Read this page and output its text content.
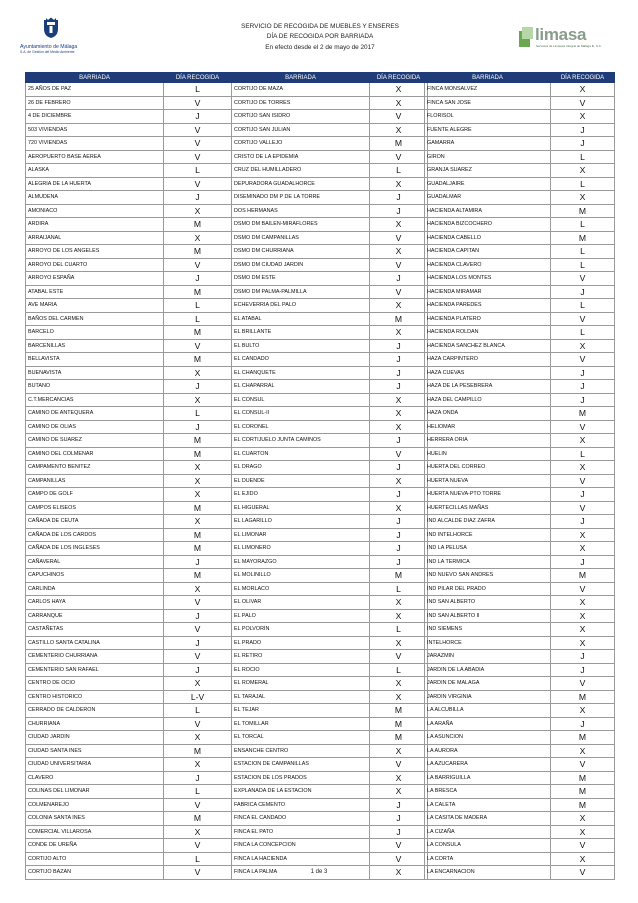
Ayuntamiento de Málaga
S.A. de Gestión del Medio Ambiente
SERVICIO DE RECOGIDA DE MUEBLES Y ENSERES
DÍA DE RECOGIDA POR BARRIADA
En efecto desde el 2 de mayo de 2017
limasa
Servicios de Limpieza Integral de Málaga III, S.A.
BARRIADA	DÍA RECOGIDA
25 AÑOS DE PAZ	L
26 DE FEBRERO	V
4 DE DICIEMBRE	J
503 VIVIENDAS	V
720 VIVIENDAS	V
AEROPUERTO BASE AEREA	V
ALASKA	L
ALEGRIA DE LA HUERTA	V
ALMUDENA	J
AMONIACO	X
ARDIRA	M
ARRAIJANAL	X
ARROYO DE LOS ANGELES	M
ARROYO DEL CUARTO	V
ARROYO ESPAÑA	J
ATABAL ESTE	M
AVE MARIA	L
BAÑOS DEL CARMEN	L
BARCELO	M
BARCENILLAS	V
BELLAVISTA	M
BUENAVISTA	X
BUTANO	J
C.T.MERCANCIAS	X
CAMINO DE ANTEQUERA	L
CAMINO DE OLIAS	J
CAMINO DE SUAREZ	M
CAMINO DEL COLMENAR	M
CAMPAMENTO BENITEZ	X
CAMPANILLAS	X
CAMPO DE GOLF	X
CAMPOS ELISEOS	M
CAÑADA DE CEUTA	X
CAÑADA DE LOS CARDOS	M
CAÑADA DE LOS INGLESES	M
CAÑAVERAL	J
CAPUCHINOS	M
CARLINDA	X
CARLOS HAYA	V
CARRANQUE	J
CASTAÑETAS	V
CASTILLO SANTA CATALINA	J
CEMENTERIO CHURRIANA	V
CEMENTERIO SAN RAFAEL	J
CENTRO DE OCIO	X
CENTRO HISTORICO	L-V
CERRADO DE CALDERON	L
CHURRIANA	V
CIUDAD JARDIN	X
CIUDAD SANTA INES	M
CIUDAD UNIVERSITARIA	X
CLAVERO	J
COLINAS DEL LIMONAR	L
COLMENAREJO	V
COLONIA SANTA INES	M
COMERCIAL VILLAROSA	X
CONDE DE UREÑA	V
CORTIJO ALTO	L
CORTIJO BAZAN	V
BARRIADA	DÍA RECOGIDA
CORTIJO DE MAZA	X
CORTIJO DE TORRES	X
CORTIJO SAN ISIDRO	V
CORTIJO SAN JULIAN	X
CORTIJO VALLEJO	M
CRISTO DE LA EPIDEMIA	V
CRUZ DEL HUMILLADERO	L
DEPURADORA GUADALHORCE	X
DISEMINADO DM P DE LA TORRE	J
DOS HERMANAS	J
DSMO DM BAILEN-MIRAFLORES	X
DSMO DM CAMPANILLAS	V
DSMO DM CHURRIANA	X
DSMO DM CIUDAD JARDIN	V
DSMO DM ESTE	J
DSMO DM PALMA-PALMILLA	V
ECHEVERRIA DEL PALO	X
EL ATABAL	M
EL BRILLANTE	X
EL BULTO	J
EL CANDADO	J
EL CHANQUETE	J
EL CHAPARRAL	J
EL CONSUL	X
EL CONSUL-II	X
EL CORONEL	X
EL CORTIJUELO JUNTA CAMINOS	J
EL CUARTON	V
EL DRAGO	J
EL DUENDE	X
EL EJIDO	J
EL HIGUERAL	X
EL LAGARILLO	J
EL LIMONAR	J
EL LIMONERO	J
EL MAYORAZGO	J
EL MOLINILLO	M
EL MORLACO	L
EL OLIVAR	X
EL PALO	X
EL POLVORIN	L
EL PRADO	X
EL RETIRO	V
EL ROCIO	L
EL ROMERAL	X
EL TARAJAL	X
EL TEJAR	M
EL TOMILLAR	M
EL TORCAL	M
ENSANCHE CENTRO	X
ESTACION DE CAMPANILLAS	V
ESTACION DE LOS PRADOS	X
EXPLANADA DE LA ESTACION	X
FABRICA CEMENTO	J
FINCA EL CANDADO	J
FINCA EL PATO	J
FINCA LA CONCEPCION	V
FINCA LA HACIENDA	V
FINCA LA PALMA	X
BARRIADA	DÍA RECOGIDA
FINCA MONSALVEZ	X
FINCA SAN JOSE	V
FLORISOL	X
FUENTE ALEGRE	J
GAMARRA	J
GIRON	L
GRANJA SUAREZ	X
GUADALJAIRE	L
GUADALMAR	X
HACIENDA ALTAMIRA	M
HACIENDA BIZCOCHERO	L
HACIENDA CABELLO	M
HACIENDA CAPITAN	L
HACIENDA CLAVERO	L
HACIENDA LOS MONTES	V
HACIENDA MIRAMAR	J
HACIENDA PAREDES	L
HACIENDA PLATERO	V
HACIENDA ROLDAN	L
HACIENDA SANCHEZ BLANCA	X
HAZA CARPINTERO	V
HAZA CUEVAS	J
HAZA DE LA PESEBRERA	J
HAZA DEL CAMPILLO	J
HAZA ONDA	M
HELIOMAR	V
HERRERA ORIA	X
HUELIN	L
HUERTA DEL CORREO	X
HUERTA NUEVA	V
HUERTA NUEVA-PTO TORRE	J
HUERTECILLAS MAÑAS	V
IND ALCALDE DIAZ ZAFRA	J
IND INTELHORCE	X
IND LA PELUSA	X
IND LA TERMICA	J
IND NUEVO SAN ANDRES	M
IND PILAR DEL PRADO	V
IND SAN ALBERTO	X
IND SAN ALBERTO II	X
IND SIEMENS	X
INTELHORCE	X
JARAZMIN	J
JARDIN DE LA ABADIA	J
JARDIN DE MALAGA	V
JARDIN VIRGINIA	M
LA ALCUBILLA	X
LA ARAÑA	J
LA ASUNCION	M
LA AURORA	X
LA AZUCARERA	V
LA BARRIGUILLA	M
LA BRESCA	M
LA CALETA	M
LA CASITA DE MADERA	X
LA CIZAÑA	X
LA CONSULA	V
LA CORTA	X
LA ENCARNACION	V
1 de 3
